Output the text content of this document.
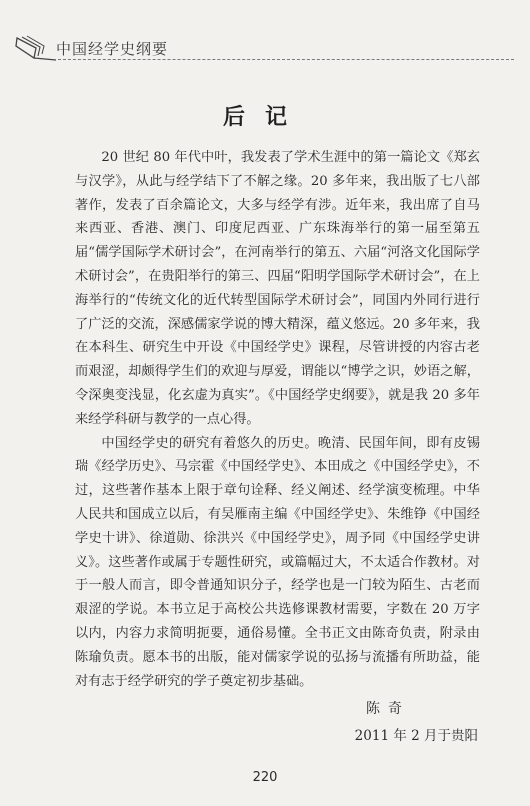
中国经学史纲要
后记

20 世纪 80 年代中叶，我发表了学术生涯中的第一篇论文《郑玄与汉学》，从此与经学结下了不解之缘。20 多年来，我出版了七八部著作，发表了百余篇论文，大多与经学有涉。近年来，我出席了自马来西亚、香港、澳门、印度尼西亚、广东珠海举行的第一届至第五届“儒学国际学术研讨会”，在河南举行的第五、六届“河洛文化国际学术研讨会”，在贵阳举行的第三、四届“阳明学国际学术研讨会”，在上海举行的“传统文化的近代转型国际学术研讨会”，同国内外同行进行了广泛的交流，深感儒家学说的博大精深，蕴义悠远。20 多年来，我在本科生、研究生中开设《中国经学史》课程，尽管讲授的内容古老而艰涩，却颇得学生们的欢迎与厚爱，谓能以“博学之识，妙语之解，令深奥变浅显，化玄虚为真实”。《中国经学史纲要》，就是我 20 多年来经学科研与教学的一点心得。

中国经学史的研究有着悠久的历史。晚清、民国年间，即有皮锡瑞《经学历史》、马宗霍《中国经学史》、本田成之《中国经学史》，不过，这些著作基本上限于章句诠释、经义阐述、经学演变梳理。中华人民共和国成立以后，有吴雁南主编《中国经学史》、朱维铮《中国经学史十讲》、徐道勋、徐洪兴《中国经学史》，周予同《中国经学史讲义》。这些著作或属于专题性研究，或篇幅过大，不太适合作教材。对于一般人而言，即令普通知识分子，经学也是一门较为陌生、古老而艰涩的学说。本书立足于高校公共选修课教材需要，字数在 20 万字以内，内容力求简明扼要，通俗易懂。全书正文由陈奇负责，附录由陈瑜负责。愿本书的出版，能对儒家学说的弘扬与流播有所助益，能对有志于经学研究的学子奠定初步基础。

陈奇
2011 年 2 月于贵阳
220
